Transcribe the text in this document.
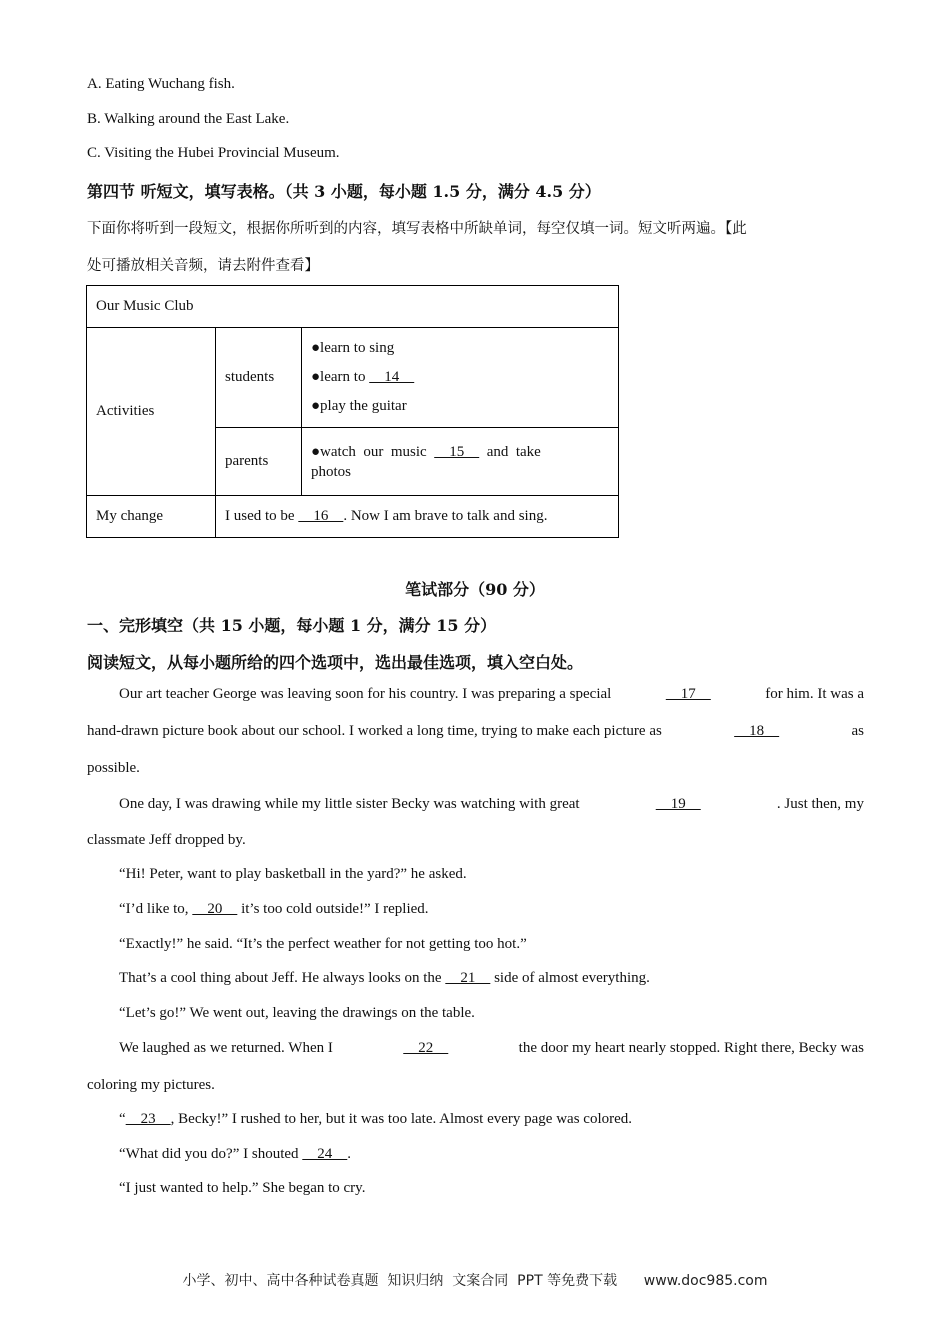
A. Eating Wuchang fish.
B. Walking around the East Lake.
C. Visiting the Hubei Provincial Museum.
第四节 听短文，填写表格。（共 3 小题，每小题 1.5 分，满分 4.5 分）
下面你将听到一段短文，根据你所听到的内容，填写表格中所缺单词，每空仅填一词。短文听两遍。【此
处可播放相关音频，请去附件查看】
Our Music Club		
Activities	students	●learn to sing
●learn to     14
●play the guitar

	parents	●watch  our  music      15      and  take
photos

My change	I used to be     16    . Now I am brave to talk and sing.	
笔试部分（90 分）
一、完形填空（共 15 小题，每小题 1 分，满分 15 分）
阅读短文，从每小题所给的四个选项中，选出最佳选项，填入空白处。
Our art teacher George was leaving soon for his country. I was preparing a special	17	for him. It was a
hand-drawn picture book about our school. I worked a long time, trying to make each picture as	18	as
possible.
One day, I was drawing while my little sister Becky was watching with great	19	. Just then, my
classmate Jeff dropped by.
“Hi! Peter, want to play basketball in the yard?” he asked.
“I’d like to,     20     it’s too cold outside!” I replied.
“Exactly!” he said. “It’s the perfect weather for not getting too hot.”
That’s a cool thing about Jeff. He always looks on the     21     side of almost everything.
“Let’s go!” We went out, leaving the drawings on the table.
We laughed as we returned. When I	22	the door my heart nearly stopped. Right there, Becky was
coloring my pictures.
“    23    , Becky!” I rushed to her, but it was too late. Almost every page was colored.
“What did you do?” I shouted     24    .
“I just wanted to help.” She began to cry.
小学、初中、高中各种试卷真题  知识归纳  文案合同  PPT 等免费下载      www.doc985.com
